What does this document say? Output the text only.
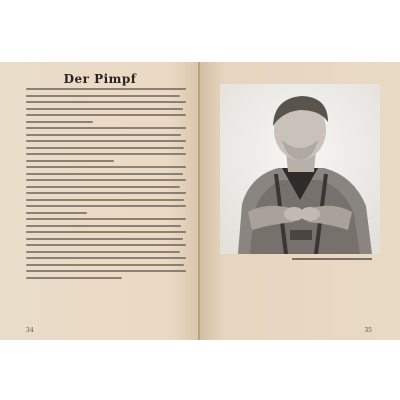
Der Pimpf
34	35
